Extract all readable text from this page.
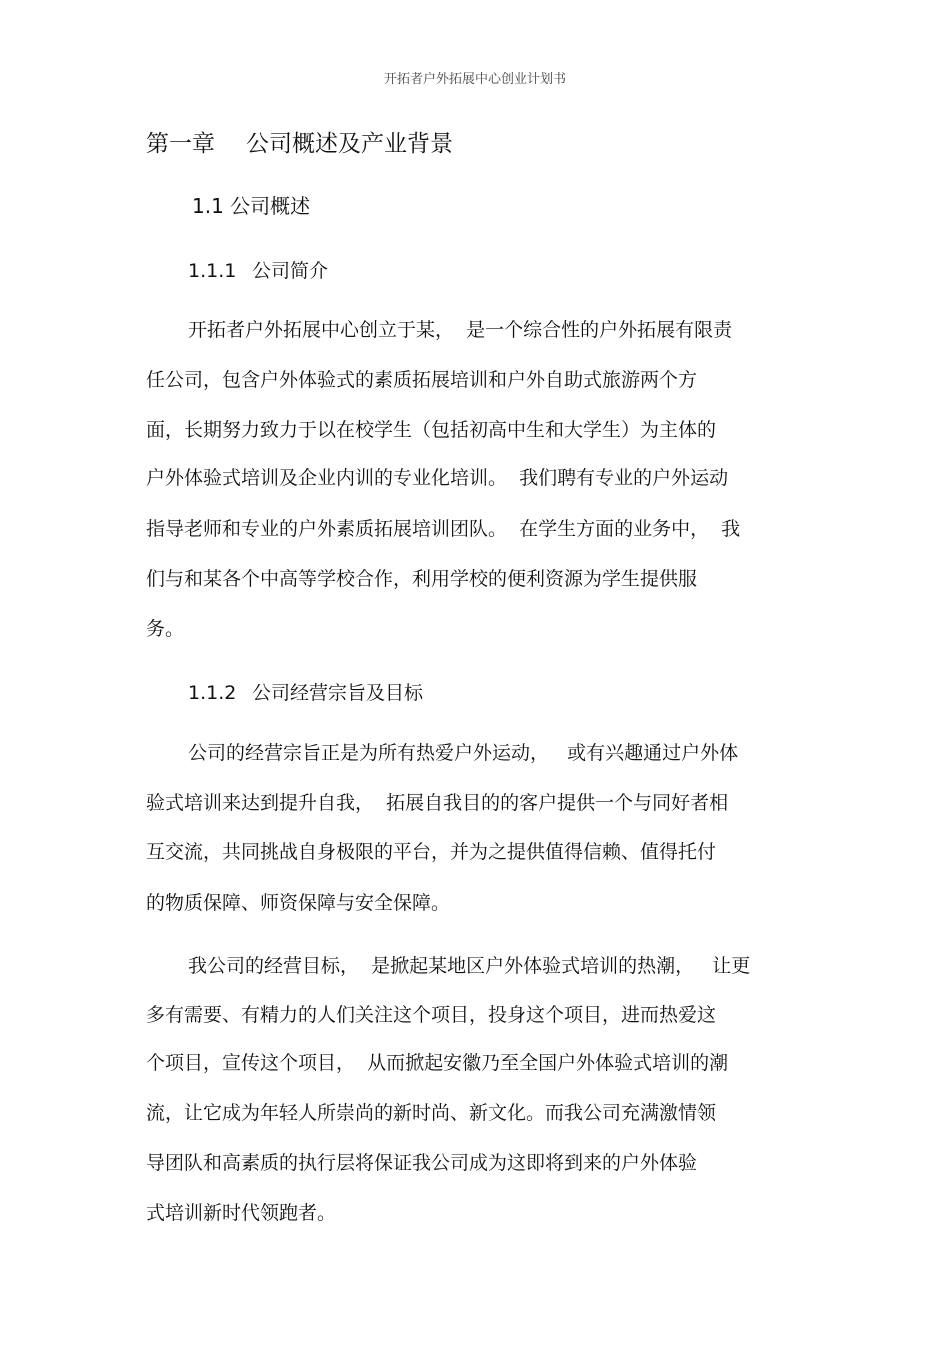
开拓者户外拓展中心创业计划书
第一章 公司概述及产业背景
1.1 公司概述
1.1.1 公司简介
开拓者户外拓展中心创立于某，  是一个综合性的户外拓展有限责
任公司，包含户外体验式的素质拓展培训和户外自助式旅游两个方
面，长期努力致力于以在校学生（包括初高中生和大学生）为主体的
户外体验式培训及企业内训的专业化培训。  我们聘有专业的户外运动
指导老师和专业的户外素质拓展培训团队。  在学生方面的业务中，  我
们与和某各个中高等学校合作，利用学校的便利资源为学生提供服
务。
1.1.2 公司经营宗旨及目标
公司的经营宗旨正是为所有热爱户外运动，   或有兴趣通过户外体
验式培训来达到提升自我，  拓展自我目的的客户提供一个与同好者相
互交流，共同挑战自身极限的平台，并为之提供值得信赖、值得托付
的物质保障、师资保障与安全保障。
我公司的经营目标，  是掀起某地区户外体验式培训的热潮，   让更
多有需要、有精力的人们关注这个项目，投身这个项目，进而热爱这
个项目，宣传这个项目，  从而掀起安徽乃至全国户外体验式培训的潮
流，让它成为年轻人所崇尚的新时尚、新文化。而我公司充满激情领
导团队和高素质的执行层将保证我公司成为这即将到来的户外体验
式培训新时代领跑者。
